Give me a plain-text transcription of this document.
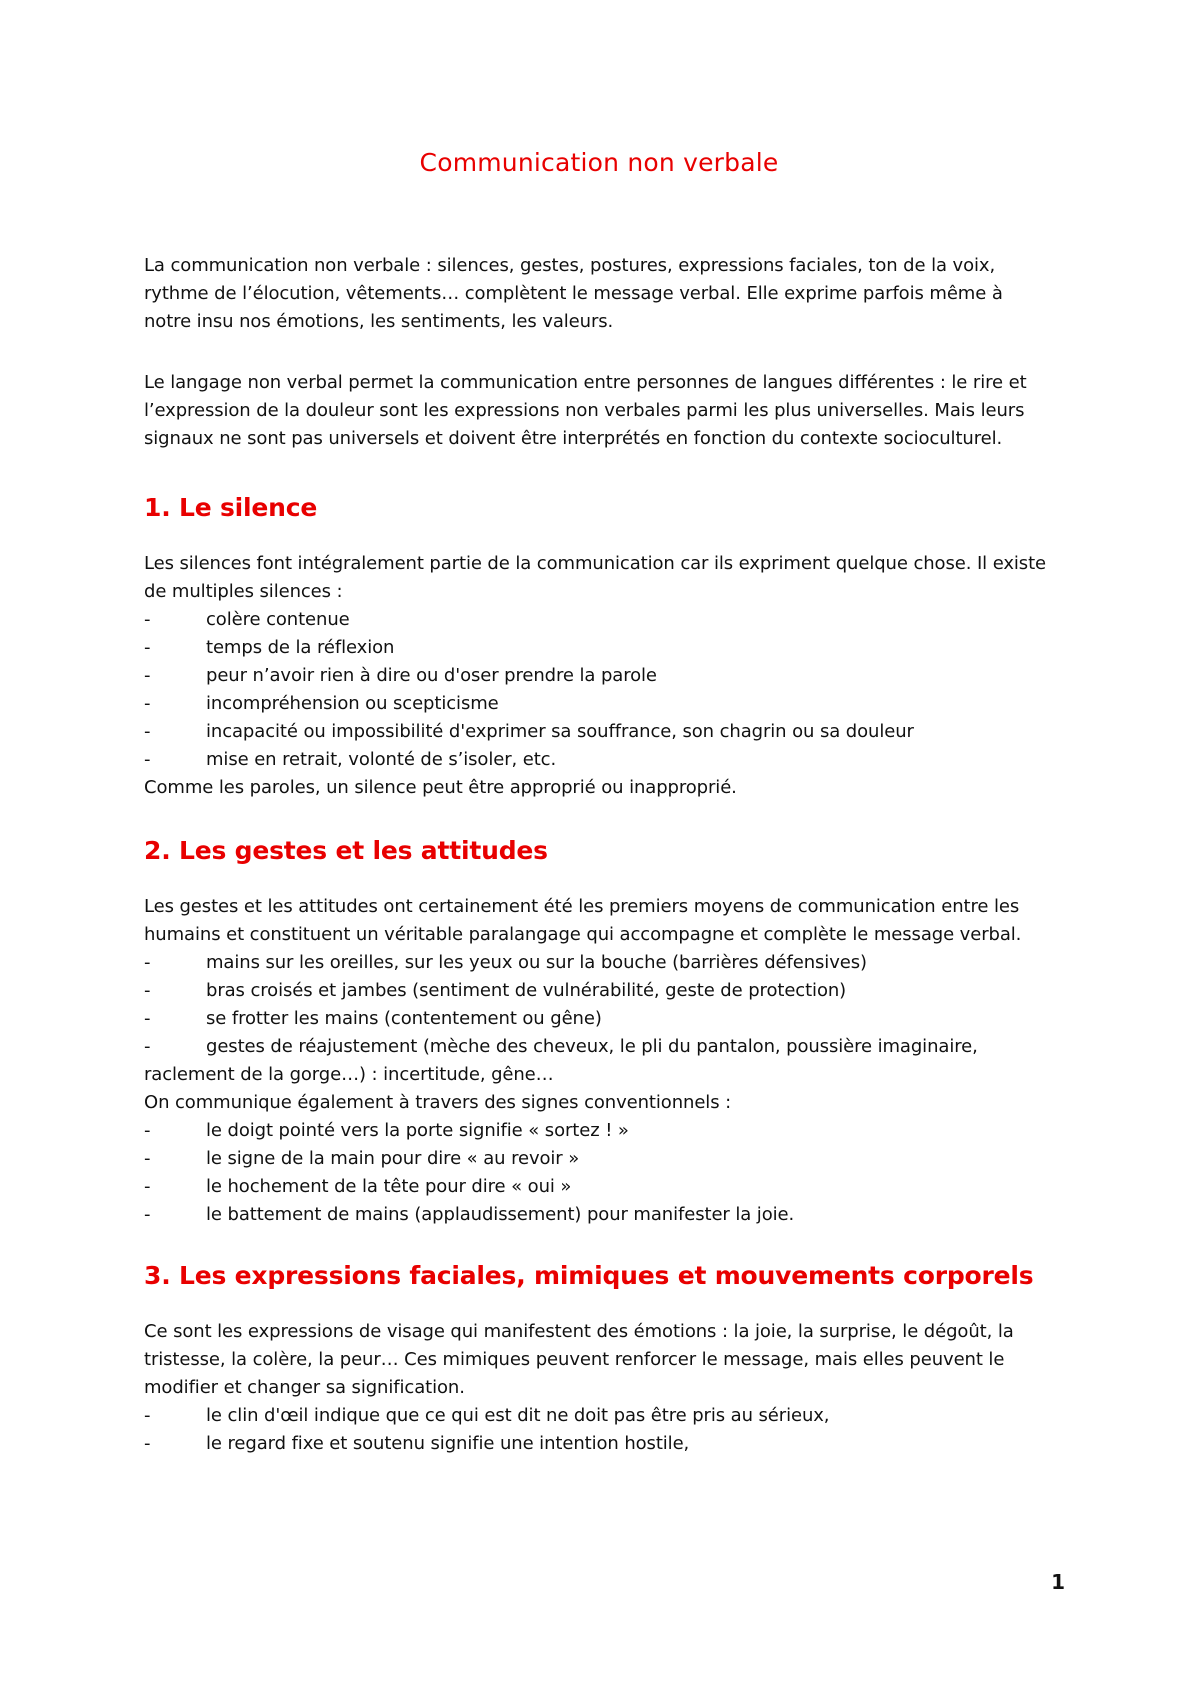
Communication non verbale

La communication non verbale : silences, gestes, postures, expressions faciales, ton de la voix, rythme de l’élocution, vêtements… complètent le message verbal. Elle exprime parfois même à notre insu nos émotions, les sentiments, les valeurs.

Le langage non verbal permet la communication entre personnes de langues différentes : le rire et l’expression de la douleur sont les expressions non verbales parmi les plus universelles. Mais leurs signaux ne sont pas universels et doivent être interprétés en fonction du contexte socioculturel.

1. Le silence

Les silences font intégralement partie de la communication car ils expriment quelque chose. Il existe de multiples silences :

-	colère contenue
-	temps de la réflexion
-	peur n’avoir rien à dire ou d'oser prendre la parole
-	incompréhension ou scepticisme
-	incapacité ou impossibilité d'exprimer sa souffrance, son chagrin ou sa douleur
-	mise en retrait, volonté de s’isoler, etc.

Comme les paroles, un silence peut être approprié ou inapproprié.

2. Les gestes et les attitudes

Les gestes et les attitudes ont certainement été les premiers moyens de communication entre les humains et constituent un véritable paralangage qui accompagne et complète le message verbal.

-	mains sur les oreilles, sur les yeux ou sur la bouche (barrières défensives)
-	bras croisés et jambes (sentiment de vulnérabilité, geste de protection)
-	se frotter les mains (contentement ou gêne)
-	gestes de réajustement (mèche des cheveux, le pli du pantalon, poussière imaginaire, raclement de la gorge…) : incertitude, gêne…

On communique également à travers des signes conventionnels :

-	le doigt pointé vers la porte signifie « sortez ! »
-	le signe de la main pour dire « au revoir »
-	le hochement de la tête pour dire « oui »
-	le battement de mains (applaudissement) pour manifester la joie.
3. Les expressions faciales, mimiques et mouvements corporels

Ce sont les expressions de visage qui manifestent des émotions : la joie, la surprise, le dégoût, la tristesse, la colère, la peur… Ces mimiques peuvent renforcer le message, mais elles peuvent le modifier et changer sa signification.

-	le clin d'œil indique que ce qui est dit ne doit pas être pris au sérieux,
-	le regard fixe et soutenu signifie une intention hostile,
1
